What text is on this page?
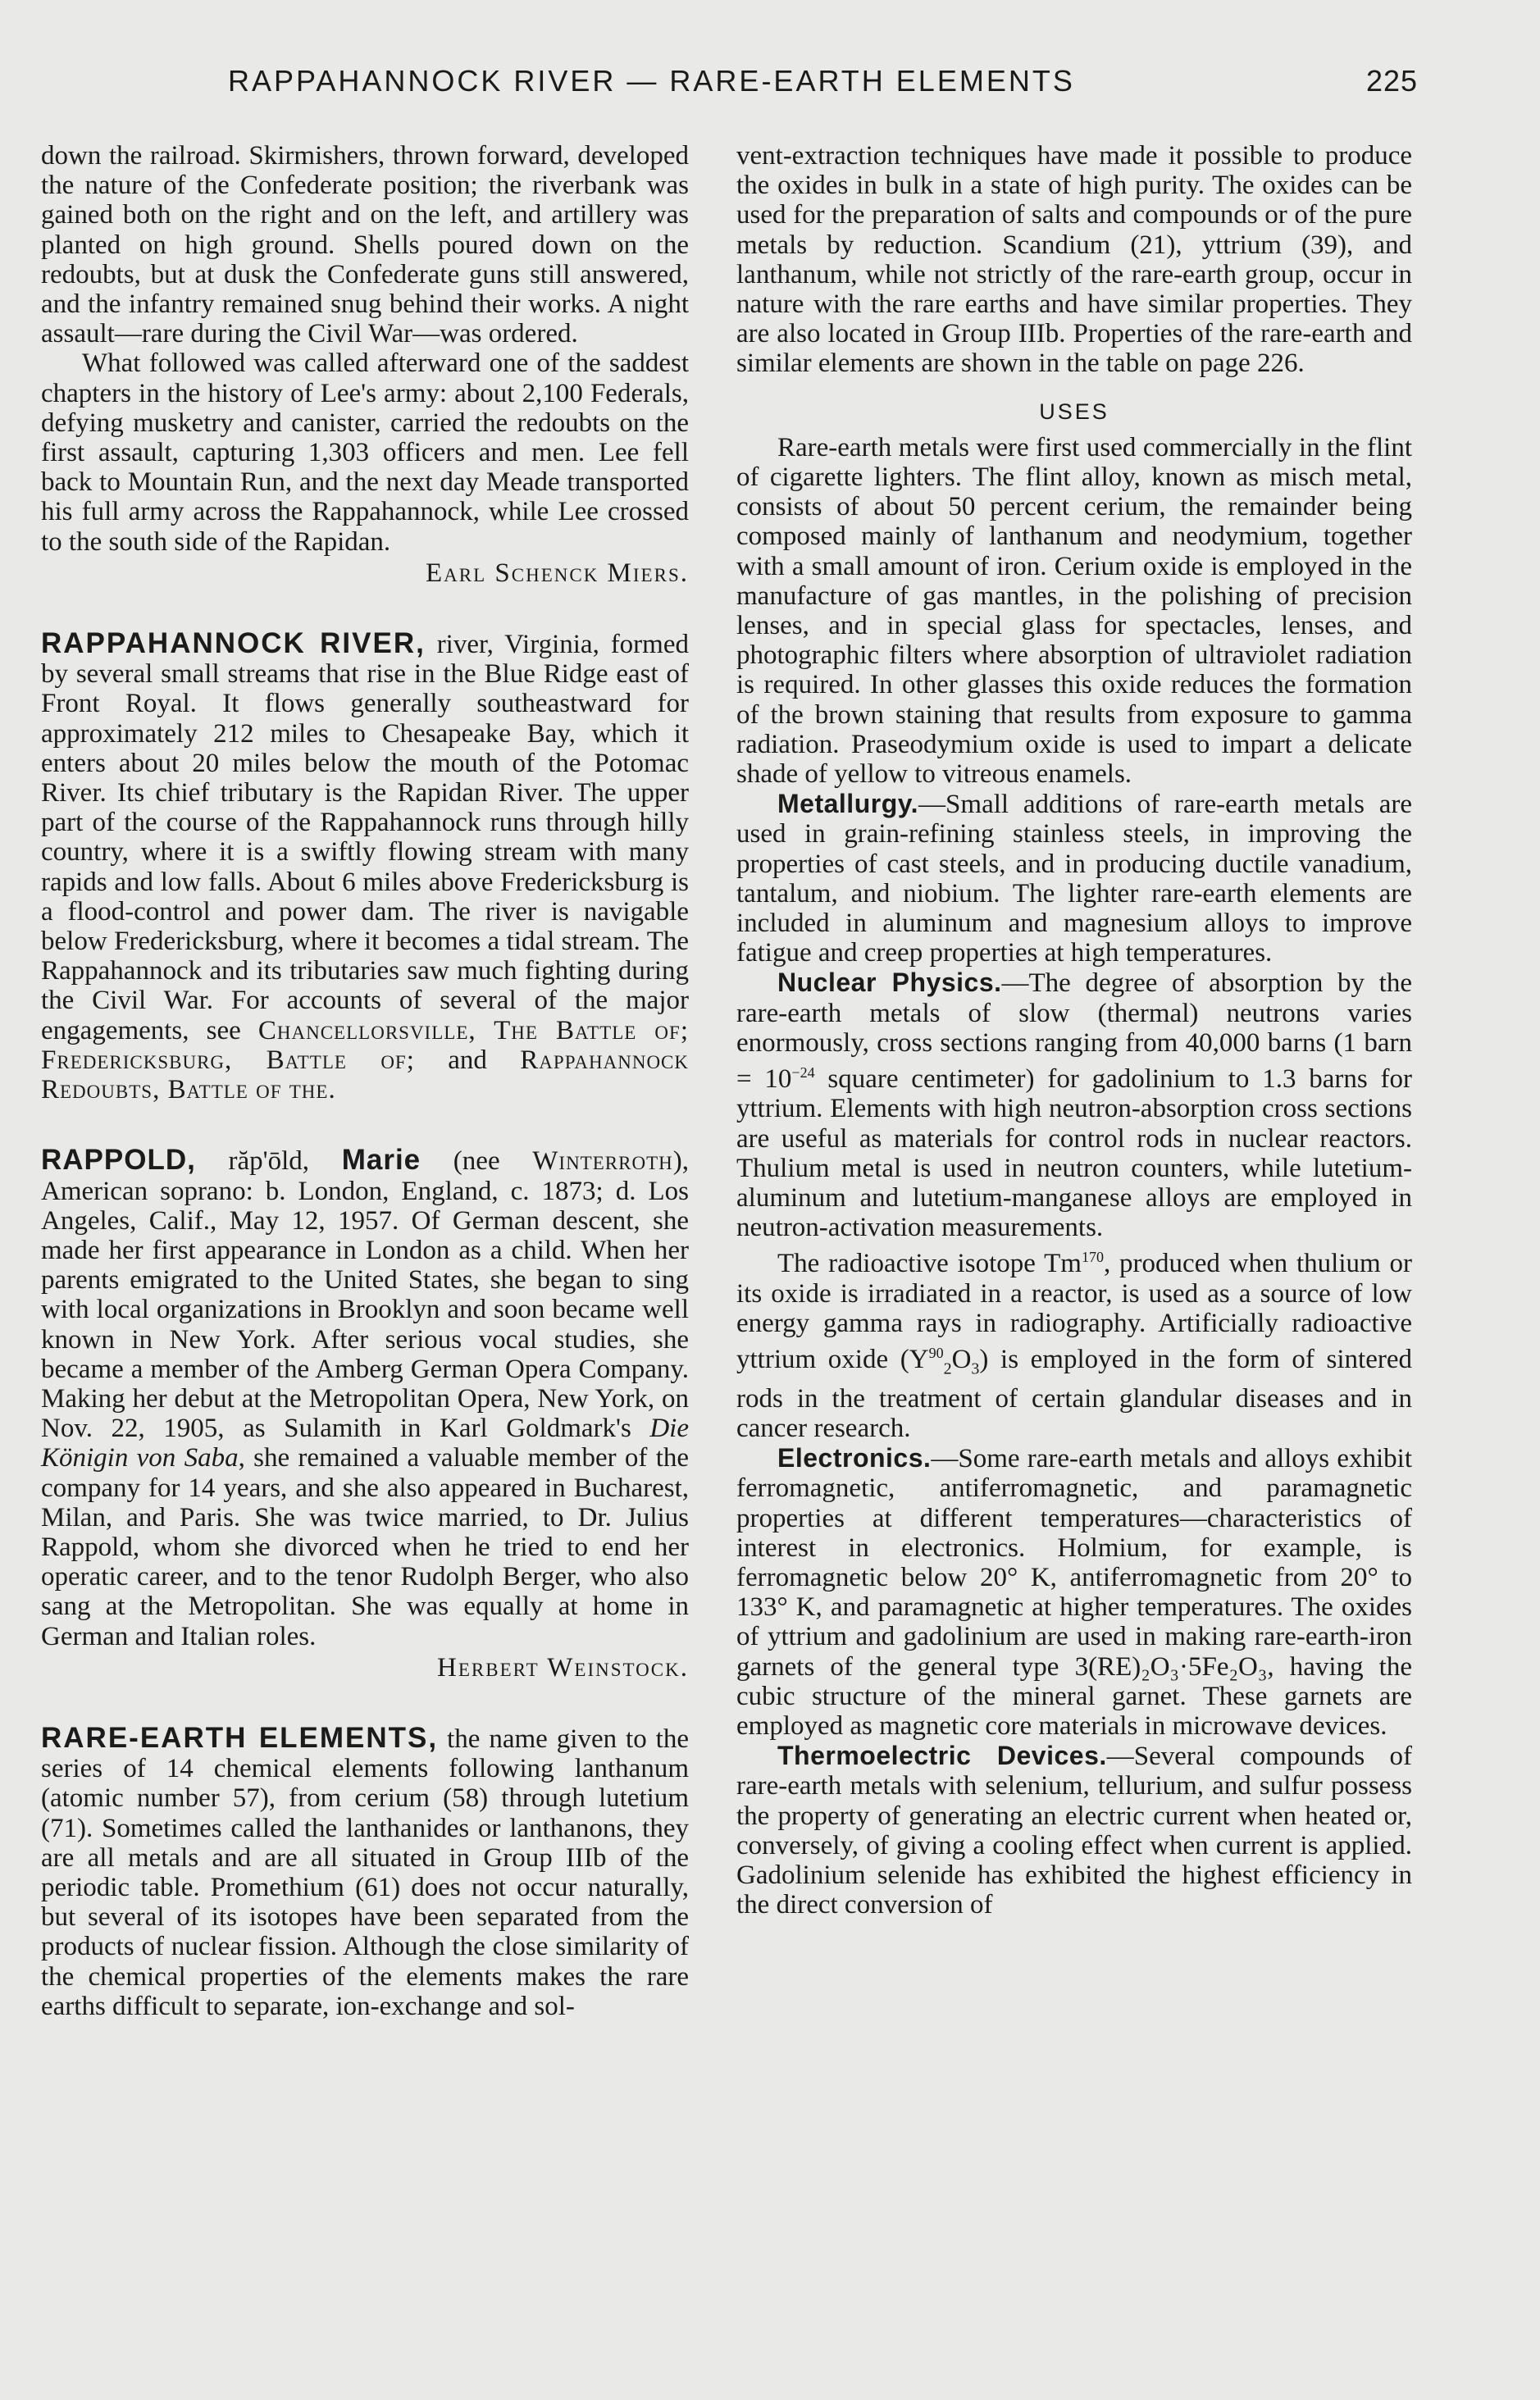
RAPPAHANNOCK RIVER — RARE-EARTH ELEMENTS	225

down the railroad. Skirmishers, thrown forward, developed the nature of the Confederate position; the riverbank was gained both on the right and on the left, and artillery was planted on high ground. Shells poured down on the redoubts, but at dusk the Confederate guns still answered, and the infantry remained snug behind their works. A night assault—rare during the Civil War—was ordered.

What followed was called afterward one of the saddest chapters in the history of Lee's army: about 2,100 Federals, defying musketry and canister, carried the redoubts on the first assault, capturing 1,303 officers and men. Lee fell back to Mountain Run, and the next day Meade transported his full army across the Rappahannock, while Lee crossed to the south side of the Rapidan.

Earl Schenck Miers.

RAPPAHANNOCK RIVER, river, Virginia, formed by several small streams that rise in the Blue Ridge east of Front Royal. It flows generally southeastward for approximately 212 miles to Chesapeake Bay, which it enters about 20 miles below the mouth of the Potomac River. Its chief tributary is the Rapidan River. The upper part of the course of the Rappahannock runs through hilly country, where it is a swiftly flowing stream with many rapids and low falls. About 6 miles above Fredericksburg is a flood-control and power dam. The river is navigable below Fredericksburg, where it becomes a tidal stream. The Rappahannock and its tributaries saw much fighting during the Civil War. For accounts of several of the major engagements, see Chancellorsville, The Battle of; Fredericksburg, Battle of; and Rappahannock Redoubts, Battle of the.

RAPPOLD, răp'ōld, Marie (nee Winterroth), American soprano: b. London, England, c. 1873; d. Los Angeles, Calif., May 12, 1957. Of German descent, she made her first appearance in London as a child. When her parents emigrated to the United States, she began to sing with local organizations in Brooklyn and soon became well known in New York. After serious vocal studies, she became a member of the Amberg German Opera Company. Making her debut at the Metropolitan Opera, New York, on Nov. 22, 1905, as Sulamith in Karl Goldmark's Die Königin von Saba, she remained a valuable member of the company for 14 years, and she also appeared in Bucharest, Milan, and Paris. She was twice married, to Dr. Julius Rappold, whom she divorced when he tried to end her operatic career, and to the tenor Rudolph Berger, who also sang at the Metropolitan. She was equally at home in German and Italian roles.

Herbert Weinstock.

RARE-EARTH ELEMENTS, the name given to the series of 14 chemical elements following lanthanum (atomic number 57), from cerium (58) through lutetium (71). Sometimes called the lanthanides or lanthanons, they are all metals and are all situated in Group IIIb of the periodic table. Promethium (61) does not occur naturally, but several of its isotopes have been separated from the products of nuclear fission. Although the close similarity of the chemical properties of the elements makes the rare earths difficult to separate, ion-exchange and sol-

vent-extraction techniques have made it possible to produce the oxides in bulk in a state of high purity. The oxides can be used for the preparation of salts and compounds or of the pure metals by reduction. Scandium (21), yttrium (39), and lanthanum, while not strictly of the rare-earth group, occur in nature with the rare earths and have similar properties. They are also located in Group IIIb. Properties of the rare-earth and similar elements are shown in the table on page 226.

USES

Rare-earth metals were first used commercially in the flint of cigarette lighters. The flint alloy, known as misch metal, consists of about 50 percent cerium, the remainder being composed mainly of lanthanum and neodymium, together with a small amount of iron. Cerium oxide is employed in the manufacture of gas mantles, in the polishing of precision lenses, and in special glass for spectacles, lenses, and photographic filters where absorption of ultraviolet radiation is required. In other glasses this oxide reduces the formation of the brown staining that results from exposure to gamma radiation. Praseodymium oxide is used to impart a delicate shade of yellow to vitreous enamels.

Metallurgy.—Small additions of rare-earth metals are used in grain-refining stainless steels, in improving the properties of cast steels, and in producing ductile vanadium, tantalum, and niobium. The lighter rare-earth elements are included in aluminum and magnesium alloys to improve fatigue and creep properties at high temperatures.

Nuclear Physics.—The degree of absorption by the rare-earth metals of slow (thermal) neutrons varies enormously, cross sections ranging from 40,000 barns (1 barn = $10^{-24}$ square centimeter) for gadolinium to 1.3 barns for yttrium. Elements with high neutron-absorption cross sections are useful as materials for control rods in nuclear reactors. Thulium metal is used in neutron counters, while lutetium-aluminum and lutetium-manganese alloys are employed in neutron-activation measurements.

The radioactive isotope Tm$^{170}$, produced when thulium or its oxide is irradiated in a reactor, is used as a source of low energy gamma rays in radiography. Artificially radioactive yttrium oxide $(Y^{90}_2O_3)$ is employed in the form of sintered rods in the treatment of certain glandular diseases and in cancer research.

Electronics.—Some rare-earth metals and alloys exhibit ferromagnetic, antiferromagnetic, and paramagnetic properties at different temperatures—characteristics of interest in electronics. Holmium, for example, is ferromagnetic below 20° K, antiferromagnetic from 20° to 133° K, and paramagnetic at higher temperatures. The oxides of yttrium and gadolinium are used in making rare-earth-iron garnets of the general type 3(RE)₂O₃·5Fe₂O₃, having the cubic structure of the mineral garnet. These garnets are employed as magnetic core materials in microwave devices.

Thermoelectric Devices.—Several compounds of rare-earth metals with selenium, tellurium, and sulfur possess the property of generating an electric current when heated or, conversely, of giving a cooling effect when current is applied. Gadolinium selenide has exhibited the highest efficiency in the direct conversion of
